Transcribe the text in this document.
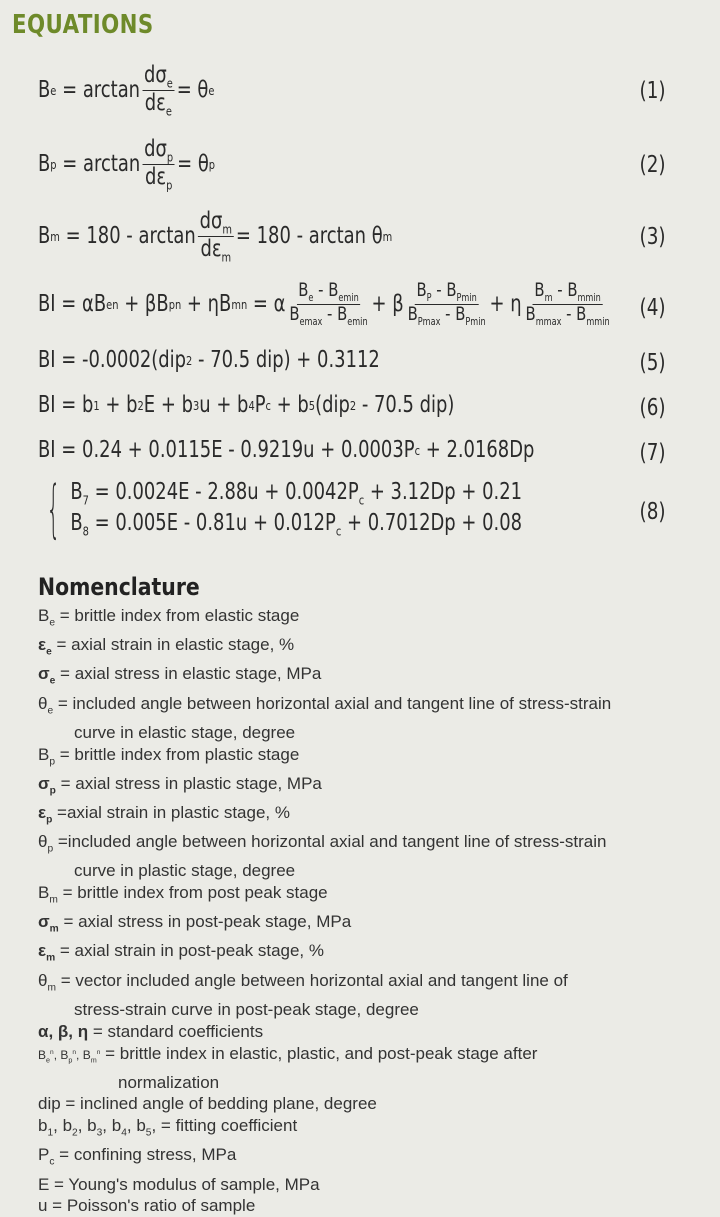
EQUATIONS
B $e = \arctan \frac{d\sigma_e}{d\varepsilon_e} = \theta$ e	(1)
B $p = \arctan \frac{d\sigma_p}{d\varepsilon_p} = \theta$ p	(2)
B $m = 180 - \arctan \frac{d\sigma_m}{d\varepsilon_m} = 180 - \arctan \theta$ m	(3)
BI = αB e n + βB p n + ηB m n = α $\frac{B_e - B_{emin}}{B_{emax} - B_{emin}} + \beta \frac{B_P - B_{Pmin}}{B_{Pmax} - B_{Pmin}} + \eta \frac{B_m - B_{mmin}}{B_{mmax} - B_{mmin}} (4)$
BI = -0.0002(dip 2 - 70.5 dip) + 0.3112	(5)
BI = b 1 + b 2 E + b 3 u + b 4 P c + b 5 (dip 2 - 70.5 dip)	(6)
BI = 0.24 + 0.0115E - 0.9219u + 0.0003P c + 2.0168Dp	(7)
{ $B_7 = 0.0024E - 2.88u + 0.0042P_c + 3.12Dp + 0.21$
$B_8 = 0.005E - 0.81u + 0.012P_c + 0.7012Dp + 0.08$	(8)
Nomenclature
$B_e$ = brittle index from elastic stage
$\varepsilon_e$ = axial strain in elastic stage, %
$\sigma_e$ = axial stress in elastic stage, MPa
$\theta_e$ = included angle between horizontal axial and tangent line of stress-strain
curve in elastic stage, degree
$B_p$ = brittle index from plastic stage
$\sigma_p$ = axial stress in plastic stage, MPa
$\varepsilon_p$ =axial strain in plastic stage, %
$\theta_p$ =included angle between horizontal axial and tangent line of stress-strain
curve in plastic stage, degree
$B_m$ = brittle index from post peak stage
$\sigma_m$ = axial stress in post-peak stage, MPa
$\varepsilon_m$ = axial strain in post-peak stage, %
$\theta_m$ = vector included angle between horizontal axial and tangent line of
stress-strain curve in post-peak stage, degree
α, β, η = standard coefficients
$B_e^n$, $B_p^n$, $B_m^n$ = brittle index in elastic, plastic, and post-peak stage after
normalization
dip = inclined angle of bedding plane, degree
$b_1$, $b_2$, $b_3$, $b_4$, $b_5$, = fitting coefficient
$P_c$ = confining stress, MPa
E = Young's modulus of sample, MPa
u = Poisson's ratio of sample
